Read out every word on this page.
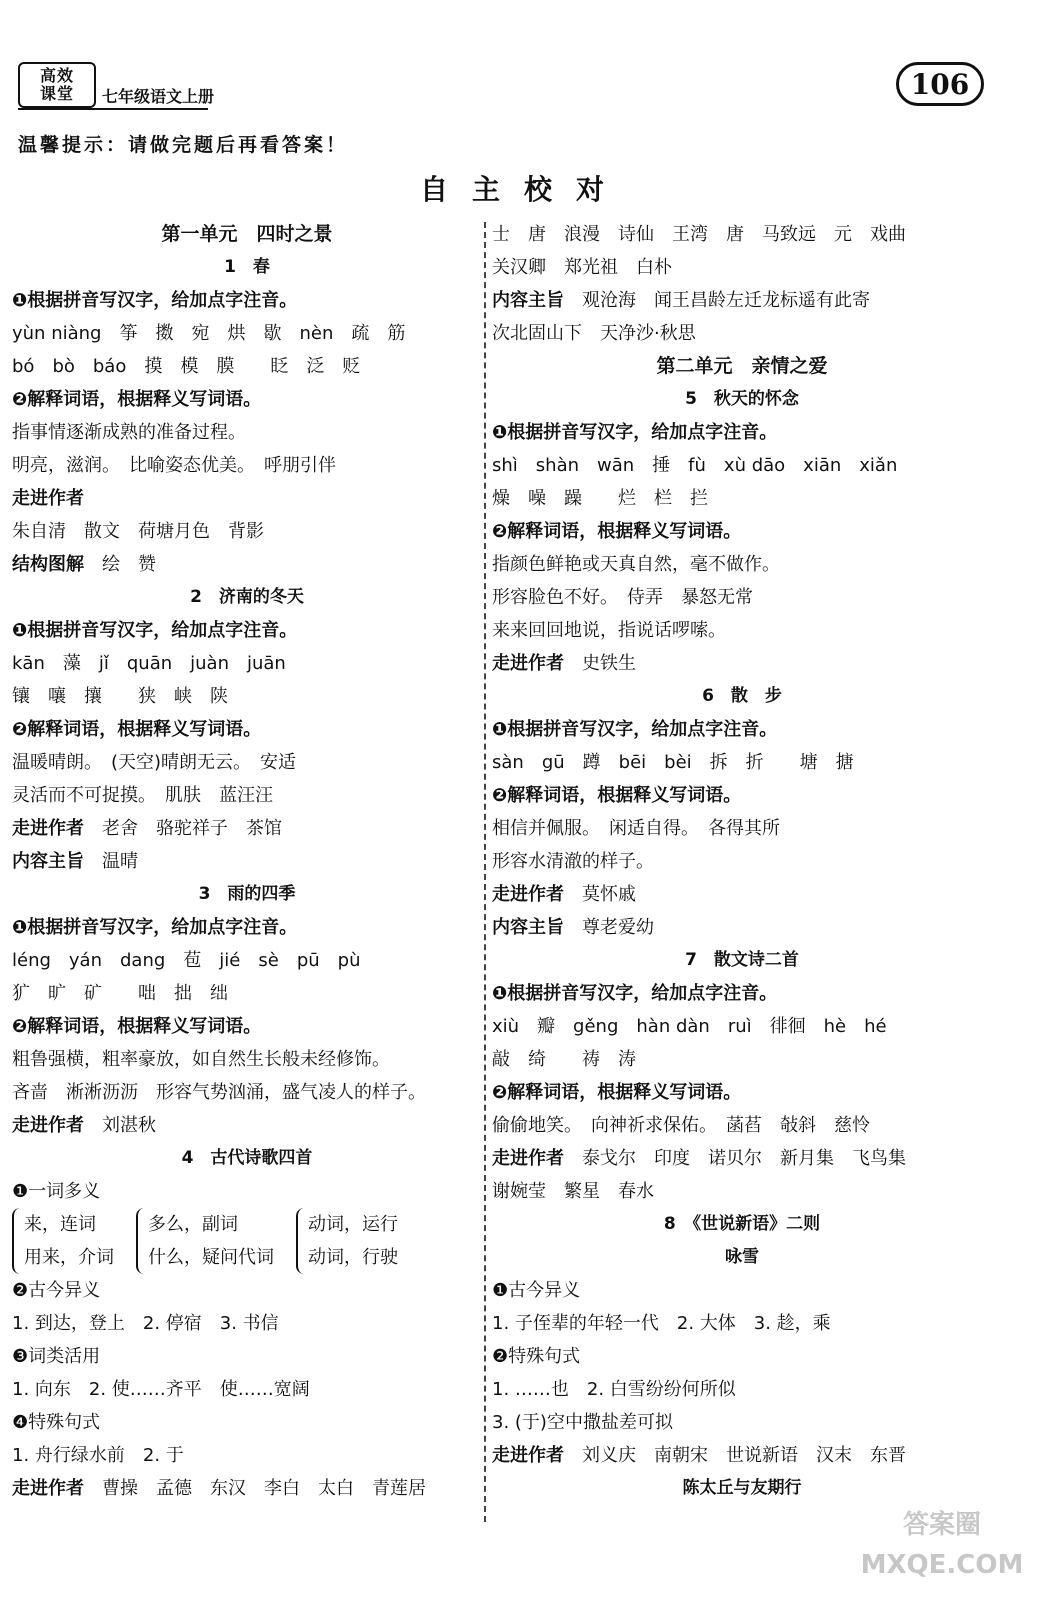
高效
课堂 七年级语文上册	106
温馨提示：请做完题后再看答案！
自主校对
第一单元　四时之景
1　春
❶根据拼音写汉字，给加点字注音。
yùn niàng　筝　擞　宛　烘　歇　nèn　疏　筋
bó　bò　báo　摸　模　膜　　眨　泛　贬
❷解释词语，根据释义写词语。
指事情逐渐成熟的准备过程。
明亮，滋润。　比喻姿态优美。　呼朋引伴
走进作者
朱自清　散文　荷塘月色　背影
结构图解　绘　赞
2　济南的冬天
❶根据拼音写汉字，给加点字注音。
kān　藻　jǐ　quān　juàn　juān
镶　嚷　攘　　狭　峡　陕
❷解释词语，根据释义写词语。
温暖晴朗。　(天空)晴朗无云。　安适
灵活而不可捉摸。　肌肤　蓝汪汪
走进作者　老舍　骆驼祥子　茶馆
内容主旨　温晴
3　雨的四季
❶根据拼音写汉字，给加点字注音。
léng　yán　dang　苞　jié　sè　pū　pù
犷　旷　矿　　咄　拙　绌
❷解释词语，根据释义写词语。
粗鲁强横，粗率豪放，如自然生长般未经修饰。
吝啬　淅淅沥沥　形容气势汹涌，盛气凌人的样子。
走进作者　刘湛秋
4　古代诗歌四首
❶一词多义
来，连词
用来，介词
多么，副词
什么，疑问代词
动词，运行
动词，行驶
❷古今异义
1. 到达，登上　2. 停宿　3. 书信
❸词类活用
1. 向东　2. 使……齐平　使……宽阔
❹特殊句式
1. 舟行绿水前　2. 于
走进作者　曹操　孟德　东汉　李白　太白　青莲居
士　唐　浪漫　诗仙　王湾　唐　马致远　元　戏曲
关汉卿　郑光祖　白朴
内容主旨　观沧海　闻王昌龄左迁龙标遥有此寄
次北固山下　天净沙·秋思
第二单元　亲情之爱
5　秋天的怀念
❶根据拼音写汉字，给加点字注音。
shì　shàn　wān　捶　fù　xù dāo　xiān　xiǎn
燥　噪　躁　　烂　栏　拦
❷解释词语，根据释义写词语。
指颜色鲜艳或天真自然，毫不做作。
形容脸色不好。　侍弄　暴怒无常
来来回回地说，指说话啰嗦。
走进作者　史铁生
6　散　步
❶根据拼音写汉字，给加点字注音。
sàn　gū　蹲　bēi　bèi　拆　折　　塘　搪
❷解释词语，根据释义写词语。
相信并佩服。　闲适自得。　各得其所
形容水清澈的样子。
走进作者　莫怀戚
内容主旨　尊老爱幼
7　散文诗二首
❶根据拼音写汉字，给加点字注音。
xiù　瓣　gěng　hàn dàn　ruì　徘徊　hè　hé
敲　绮　　祷　涛
❷解释词语，根据释义写词语。
偷偷地笑。　向神祈求保佑。　菡萏　敧斜　慈怜
走进作者　泰戈尔　印度　诺贝尔　新月集　飞鸟集
谢婉莹　繁星　春水
8　《世说新语》二则
咏雪
❶古今异义
1. 子侄辈的年轻一代　2. 大体　3. 趁，乘
❷特殊句式
1. ……也　2. 白雪纷纷何所似
3. (于)空中撒盐差可拟
走进作者　刘义庆　南朝宋　世说新语　汉末　东晋
陈太丘与友期行
答案圈 MXQE.COM
